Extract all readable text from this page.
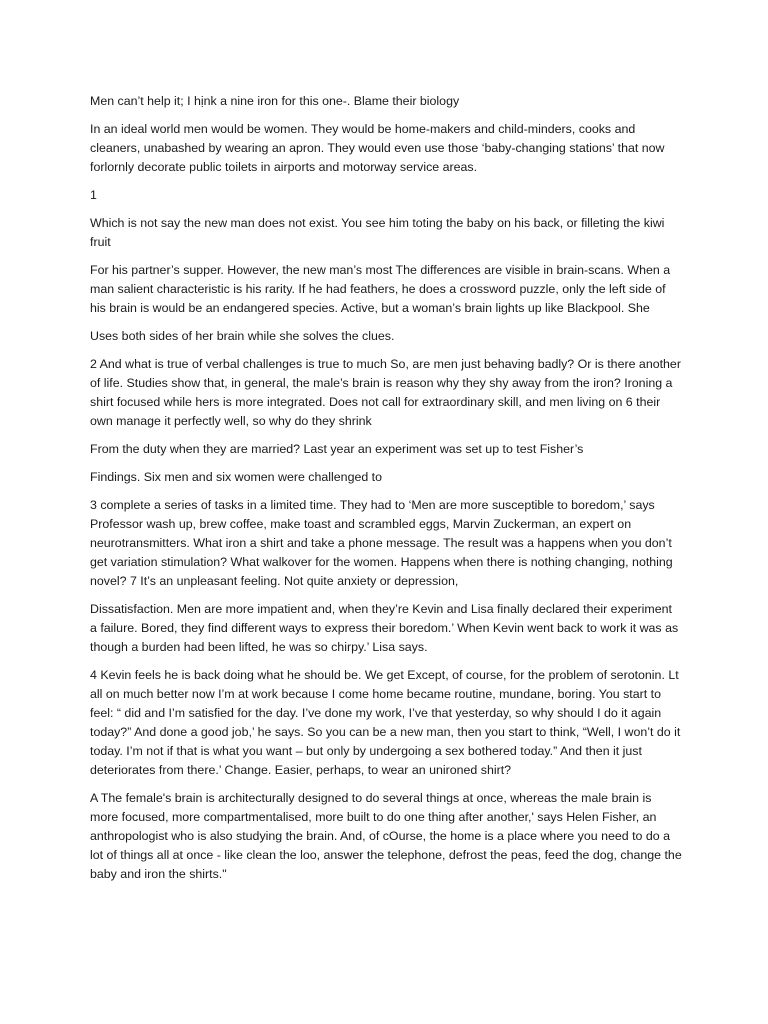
Men can’t help it; I hịnk a nine iron for this one-. Blame their biology

In an ideal world men would be women. They would be home-makers and child-minders, cooks and cleaners, unabashed by wearing an apron. They would even use those ‘baby-changing stations’ that now forlornly decorate public toilets in airports and motorway service areas.

1

Which is not say the new man does not exist. You see him toting the baby on his back, or filleting the kiwi fruit

For his partner’s supper. However, the new man’s most The differences are visible in brain-scans. When a man salient characteristic is his rarity. If he had feathers, he does a crossword puzzle, only the left side of his brain is would be an endangered species. Active, but a woman’s brain lights up like Blackpool. She

Uses both sides of her brain while she solves the clues.

2 And what is true of verbal challenges is true to much So, are men just behaving badly? Or is there another of life. Studies show that, in general, the male’s brain is reason why they shy away from the iron? Ironing a shirt focused while hers is more integrated. Does not call for extraordinary skill, and men living on 6 their own manage it perfectly well, so why do they shrink

From the duty when they are married? Last year an experiment was set up to test Fisher’s

Findings. Six men and six women were challenged to

3 complete a series of tasks in a limited time. They had to ‘Men are more susceptible to boredom,’ says Professor wash up, brew coffee, make toast and scrambled eggs, Marvin Zuckerman, an expert on neurotransmitters. What iron a shirt and take a phone message. The result was a happens when you don’t get variation stimulation? What walkover for the women. Happens when there is nothing changing, nothing novel? 7 It’s an unpleasant feeling. Not quite anxiety or depression,

Dissatisfaction. Men are more impatient and, when they’re Kevin and Lisa finally declared their experiment a failure. Bored, they find different ways to express their boredom.’ When Kevin went back to work it was as though a burden had been lifted, he was so chirpy.’ Lisa says.

4 Kevin feels he is back doing what he should be. We get Except, of course, for the problem of serotonin. Lt all on much better now I’m at work because I come home became routine, mundane, boring. You start to feel: “ did and I’m satisfied for the day. I’ve done my work, I’ve that yesterday, so why should I do it again today?” And done a good job,’ he says. So you can be a new man, then you start to think, “Well, I won’t do it today. I’m not if that is what you want – but only by undergoing a sex bothered today.” And then it just deteriorates from there.’ Change. Easier, perhaps, to wear an unironed shirt?

A The female's brain is architecturally designed to do several things at once, whereas the male brain is more focused, more compartmentalised, more built to do one thing after another,' says Helen Fisher, an anthropologist who is also studying the brain. And, of cOurse, the home is a place where you need to do a lot of things all at once - like clean the loo, answer the telephone, defrost the peas, feed the dog, change the baby and iron the shirts."
